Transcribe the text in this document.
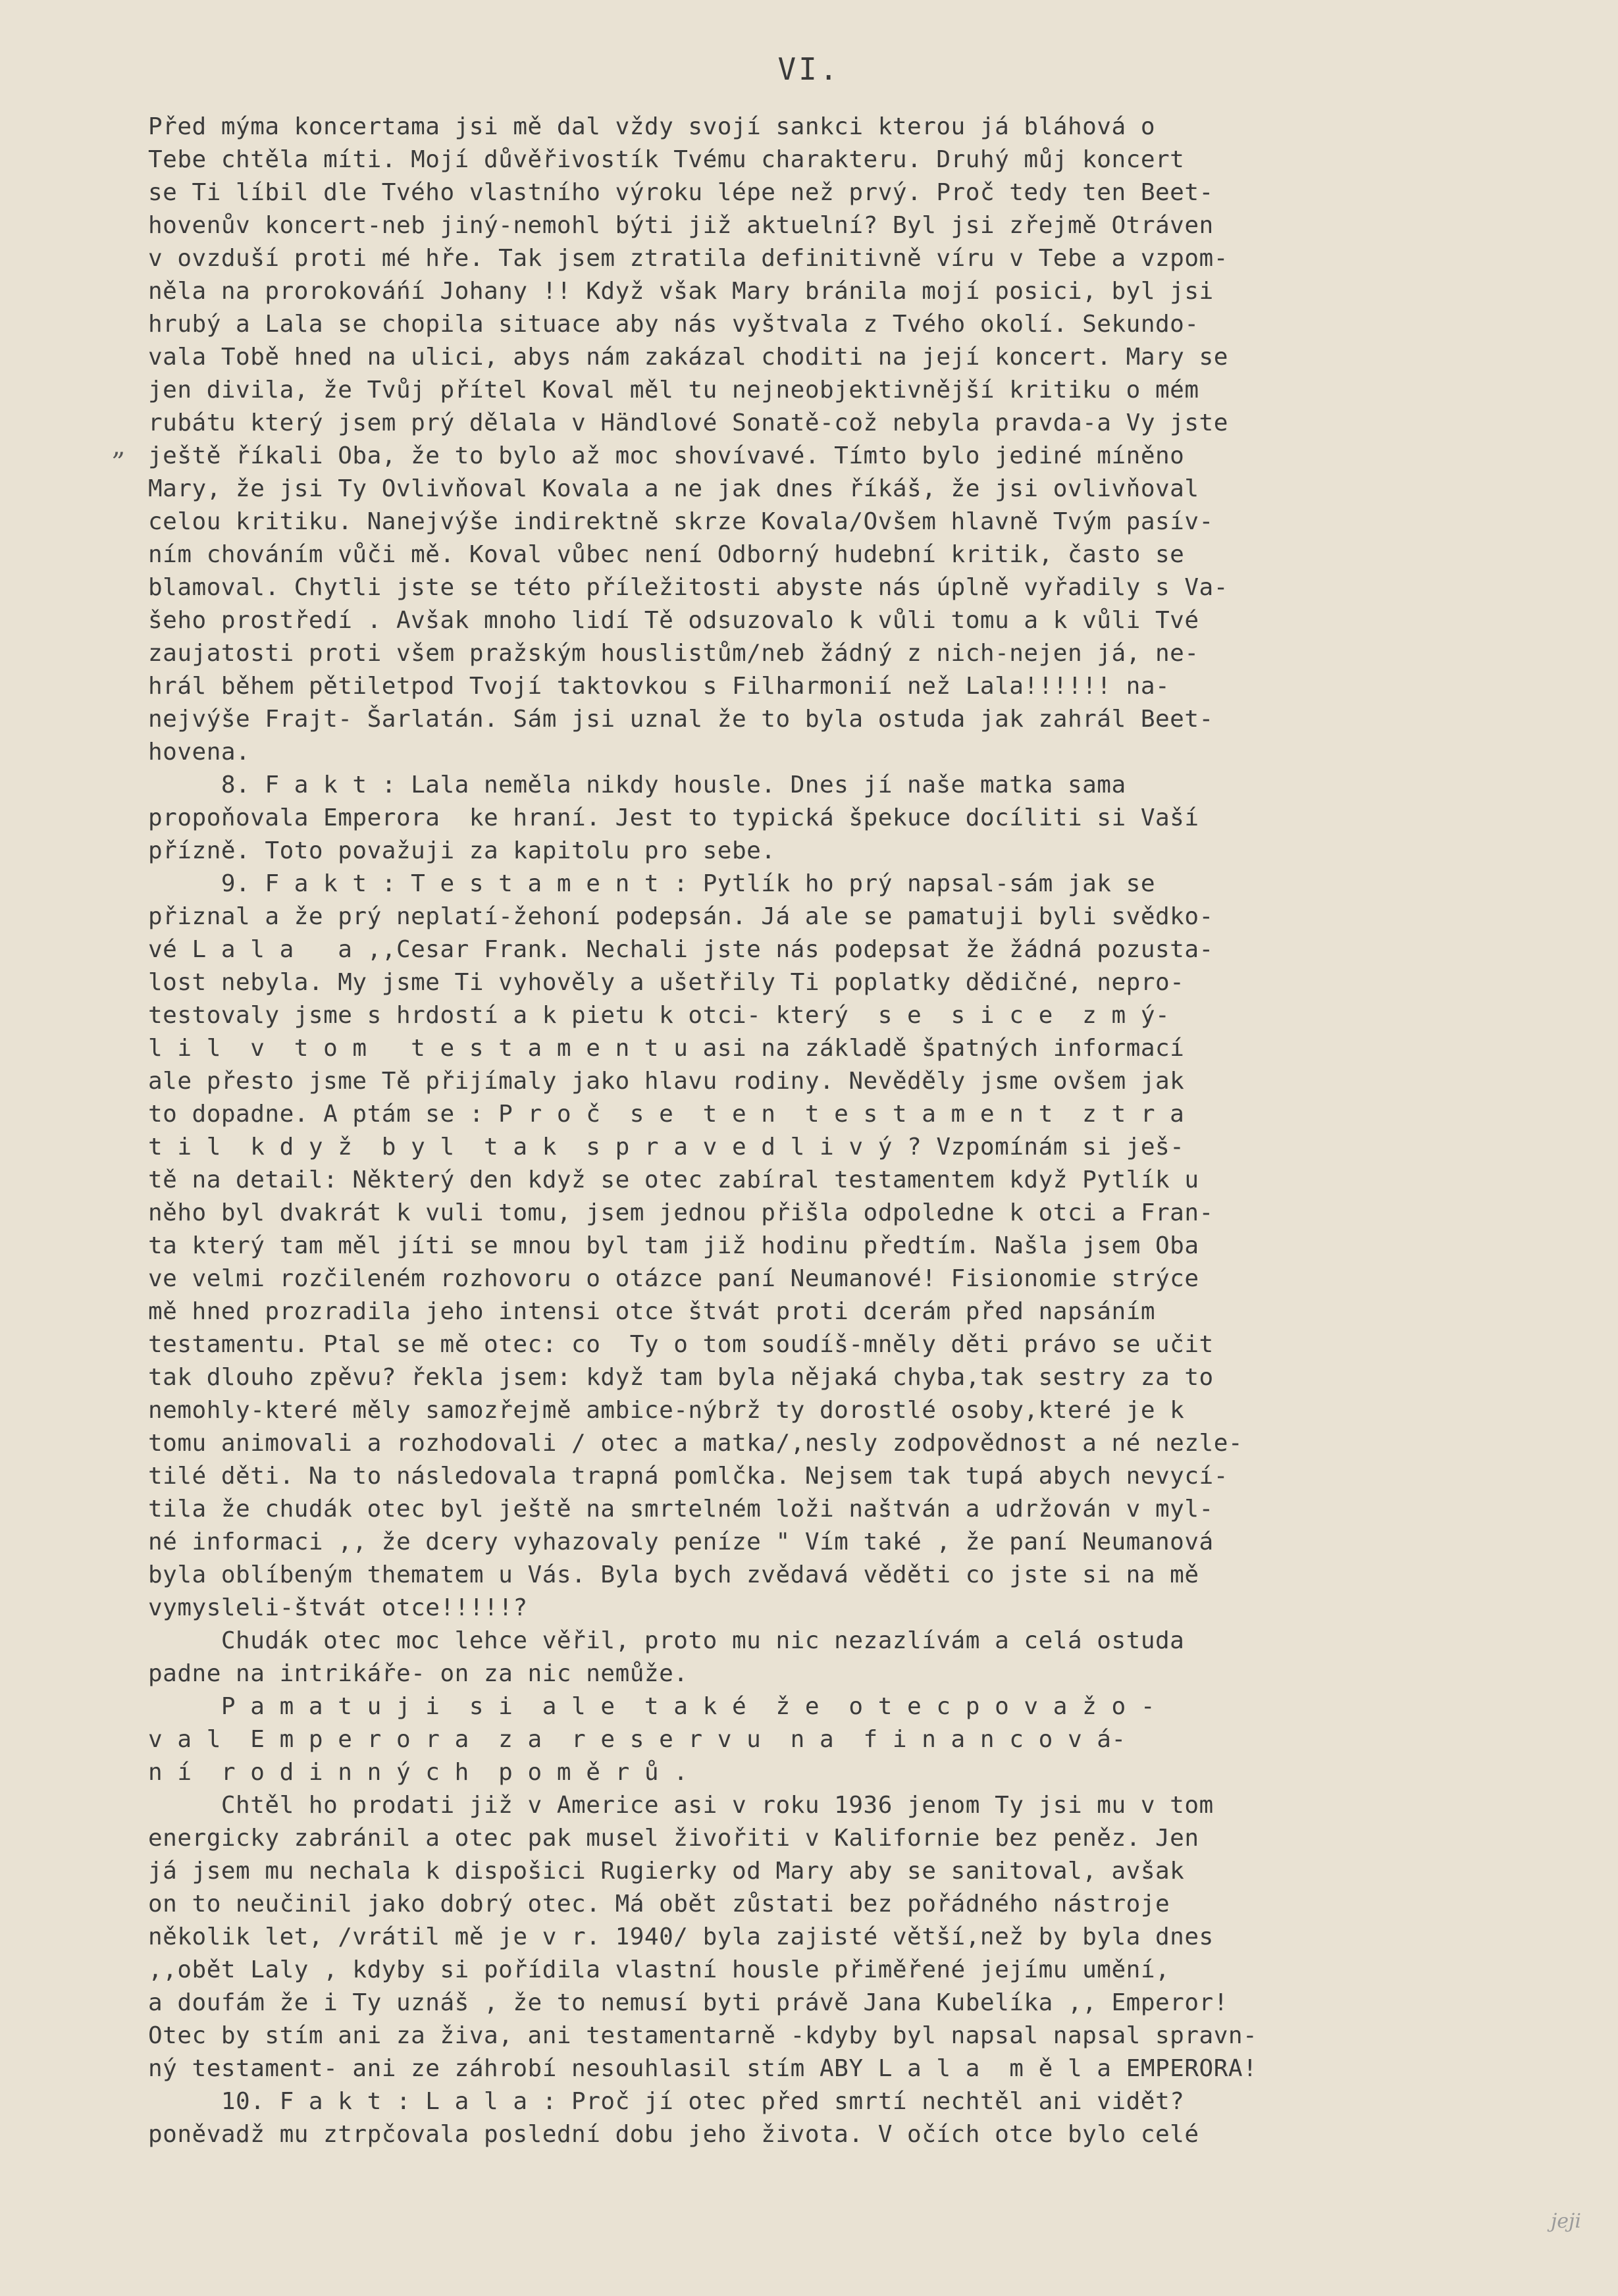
VI.
„
Před mýma koncertama jsi mě dal vždy svojí sankci kterou já bláhová o
Tebe chtěla míti. Mojí důvěřivostík Tvému charakteru. Druhý můj koncert
se Ti líbil dle Tvého vlastního výroku lépe než prvý. Proč tedy ten Beet-
hovenův koncert-neb jiný-nemohl býti již aktuelní? Byl jsi zřejmě Otráven
v ovzduší proti mé hře. Tak jsem ztratila definitivně víru v Tebe a vzpom-
něla na proroková́ní Johany !! Když však Mary bránila mojí posici, byl jsi
hrubý a Lala se chopila situace aby nás vyštvala z Tvého okolí. Sekundo-
vala Tobě hned na ulici, abys nám zakázal choditi na její koncert. Mary se
jen divila, že Tvůj přítel Koval měl tu nejneobjektivnější kritiku o mém
rubátu který jsem prý dělala v Händlové Sonatě-což nebyla pravda-a Vy jste
ještě říkali Oba, že to bylo až moc shovívavé. Tímto bylo jediné míněno
Mary, že jsi Ty Ovlivňoval Kovala a ne jak dnes říkáš, že jsi ovlivňoval
celou kritiku. Nanejvýše indirektně skrze Kovala/Ovšem hlavně Tvým pasív-
ním chováním vůči mě. Koval vůbec není Odborný hudební kritik, často se
blamoval. Chytli jste se této příležitosti abyste nás úplně vyřadily s Va-
šeho prostředí . Avšak mnoho lidí Tě odsuzovalo k vůli tomu a k vůli Tvé
zaujatosti proti všem pražským houslistům/neb žádný z nich-nejen já, ne-
hrál během pětiletpod Tvojí taktovkou s Filharmonií než Lala!!!!!! na-
nejvýše Frajt- Šarlatán. Sám jsi uznal že to byla ostuda jak zahrál Beet-
hovena.
8. F a k t : Lala neměla nikdy housle. Dnes jí naše matka sama
propoňovala Emperora  ke hraní. Jest to typická špekuce docíliti si Vaší
přízně. Toto považuji za kapitolu pro sebe.
9. F a k t : T e s t a m e n t : Pytlík ho prý napsal-sám jak se
přiznal a že prý neplatí-žehoní podepsán. Já ale se pamatuji byli svědko-
vé L a l a   a ,,Cesar Frank. Nechali jste nás podepsat že žádná pozusta-
lost nebyla. My jsme Ti vyhověly a ušetřily Ti poplatky dědičné, nepro-
testovaly jsme s hrdostí a k pietu k otci- který  s e  s i c e  z m ý-
l i l  v  t o m   t e s t a m e n t u asi na základě špatných informací
ale přesto jsme Tě přijímaly jako hlavu rodiny. Nevěděly jsme ovšem jak
to dopadne. A ptám se : P r o č  s e  t e n  t e s t a m e n t  z t r a
t i l  k d y ž  b y l  t a k  s p r a v e d l i v ý ? Vzpomínám si ješ-
tě na detail: Některý den když se otec zabíral testamentem když Pytlík u
něho byl dvakrát k vuli tomu, jsem jednou přišla odpoledne k otci a Fran-
ta který tam měl jíti se mnou byl tam již hodinu předtím. Našla jsem Oba
ve velmi rozčileném rozhovoru o otázce paní Neumanové! Fisionomie strýce
mě hned prozradila jeho intensi otce štvát proti dcerám před napsáním
testamentu. Ptal se mě otec: co  Ty o tom soudíš-mněly děti právo se učit
tak dlouho zpěvu? řekla jsem: když tam byla nějaká chyba,tak sestry za to
nemohly-které měly samozřejmě ambice-nýbrž ty dorostlé osoby,které je k
tomu animovali a rozhodovali / otec a matka/,nesly zodpovědnost a né nezle-
tilé děti. Na to následovala trapná pomlčka. Nejsem tak tupá abych nevycí-
tila že chudák otec byl ještě na smrtelném loži naštván a udržován v myl-
né informaci ,, že dcery vyhazovaly peníze " Vím také , že paní Neumanová
byla oblíbeným thematem u Vás. Byla bych zvědavá věděti co jste si na mě
vymysleli-štvát otce!!!!!?
Chudák otec moc lehce věřil, proto mu nic nezazlívám a celá ostuda
padne na intrikáře- on za nic nemůže.
P a m a t u j i  s i  a l e  t a k é  ž e  o t e c p o v a ž o -
v a l  E m p e r o r a  z a  r e s e r v u  n a  f i n a n c o v á-
n í  r o d i n n ý c h  p o m ě r ů .
Chtěl ho prodati již v Americe asi v roku 1936 jenom Ty jsi mu v tom
energicky zabránil a otec pak musel živořiti v Kalifornie bez peněz. Jen
já jsem mu nechala k dispošici Rugierky od Mary aby se sanitoval, avšak
on to neučinil jako dobrý otec. Má obět zůstati bez pořádného nástroje
několik let, /vrátil mě je v r. 1940/ byla zajisté větší,než by byla dnes
,,obět Laly , kdyby si pořídila vlastní housle přiměřené jejímu umění,
a doufám že i Ty uznáš , že to nemusí byti právě Jana Kubelíka ,, Emperor!
Otec by stím ani za živa, ani testamentarně -kdyby byl napsal napsal spravn-
ný testament- ani ze záhrobí nesouhlasil stím ABY L a l a  m ě l a EMPERORA!
10. F a k t : L a l a : Proč jí otec před smrtí nechtěl ani vidět?
poněvadž mu ztrpčovala poslední dobu jeho života. V očích otce bylo celé
jeji
